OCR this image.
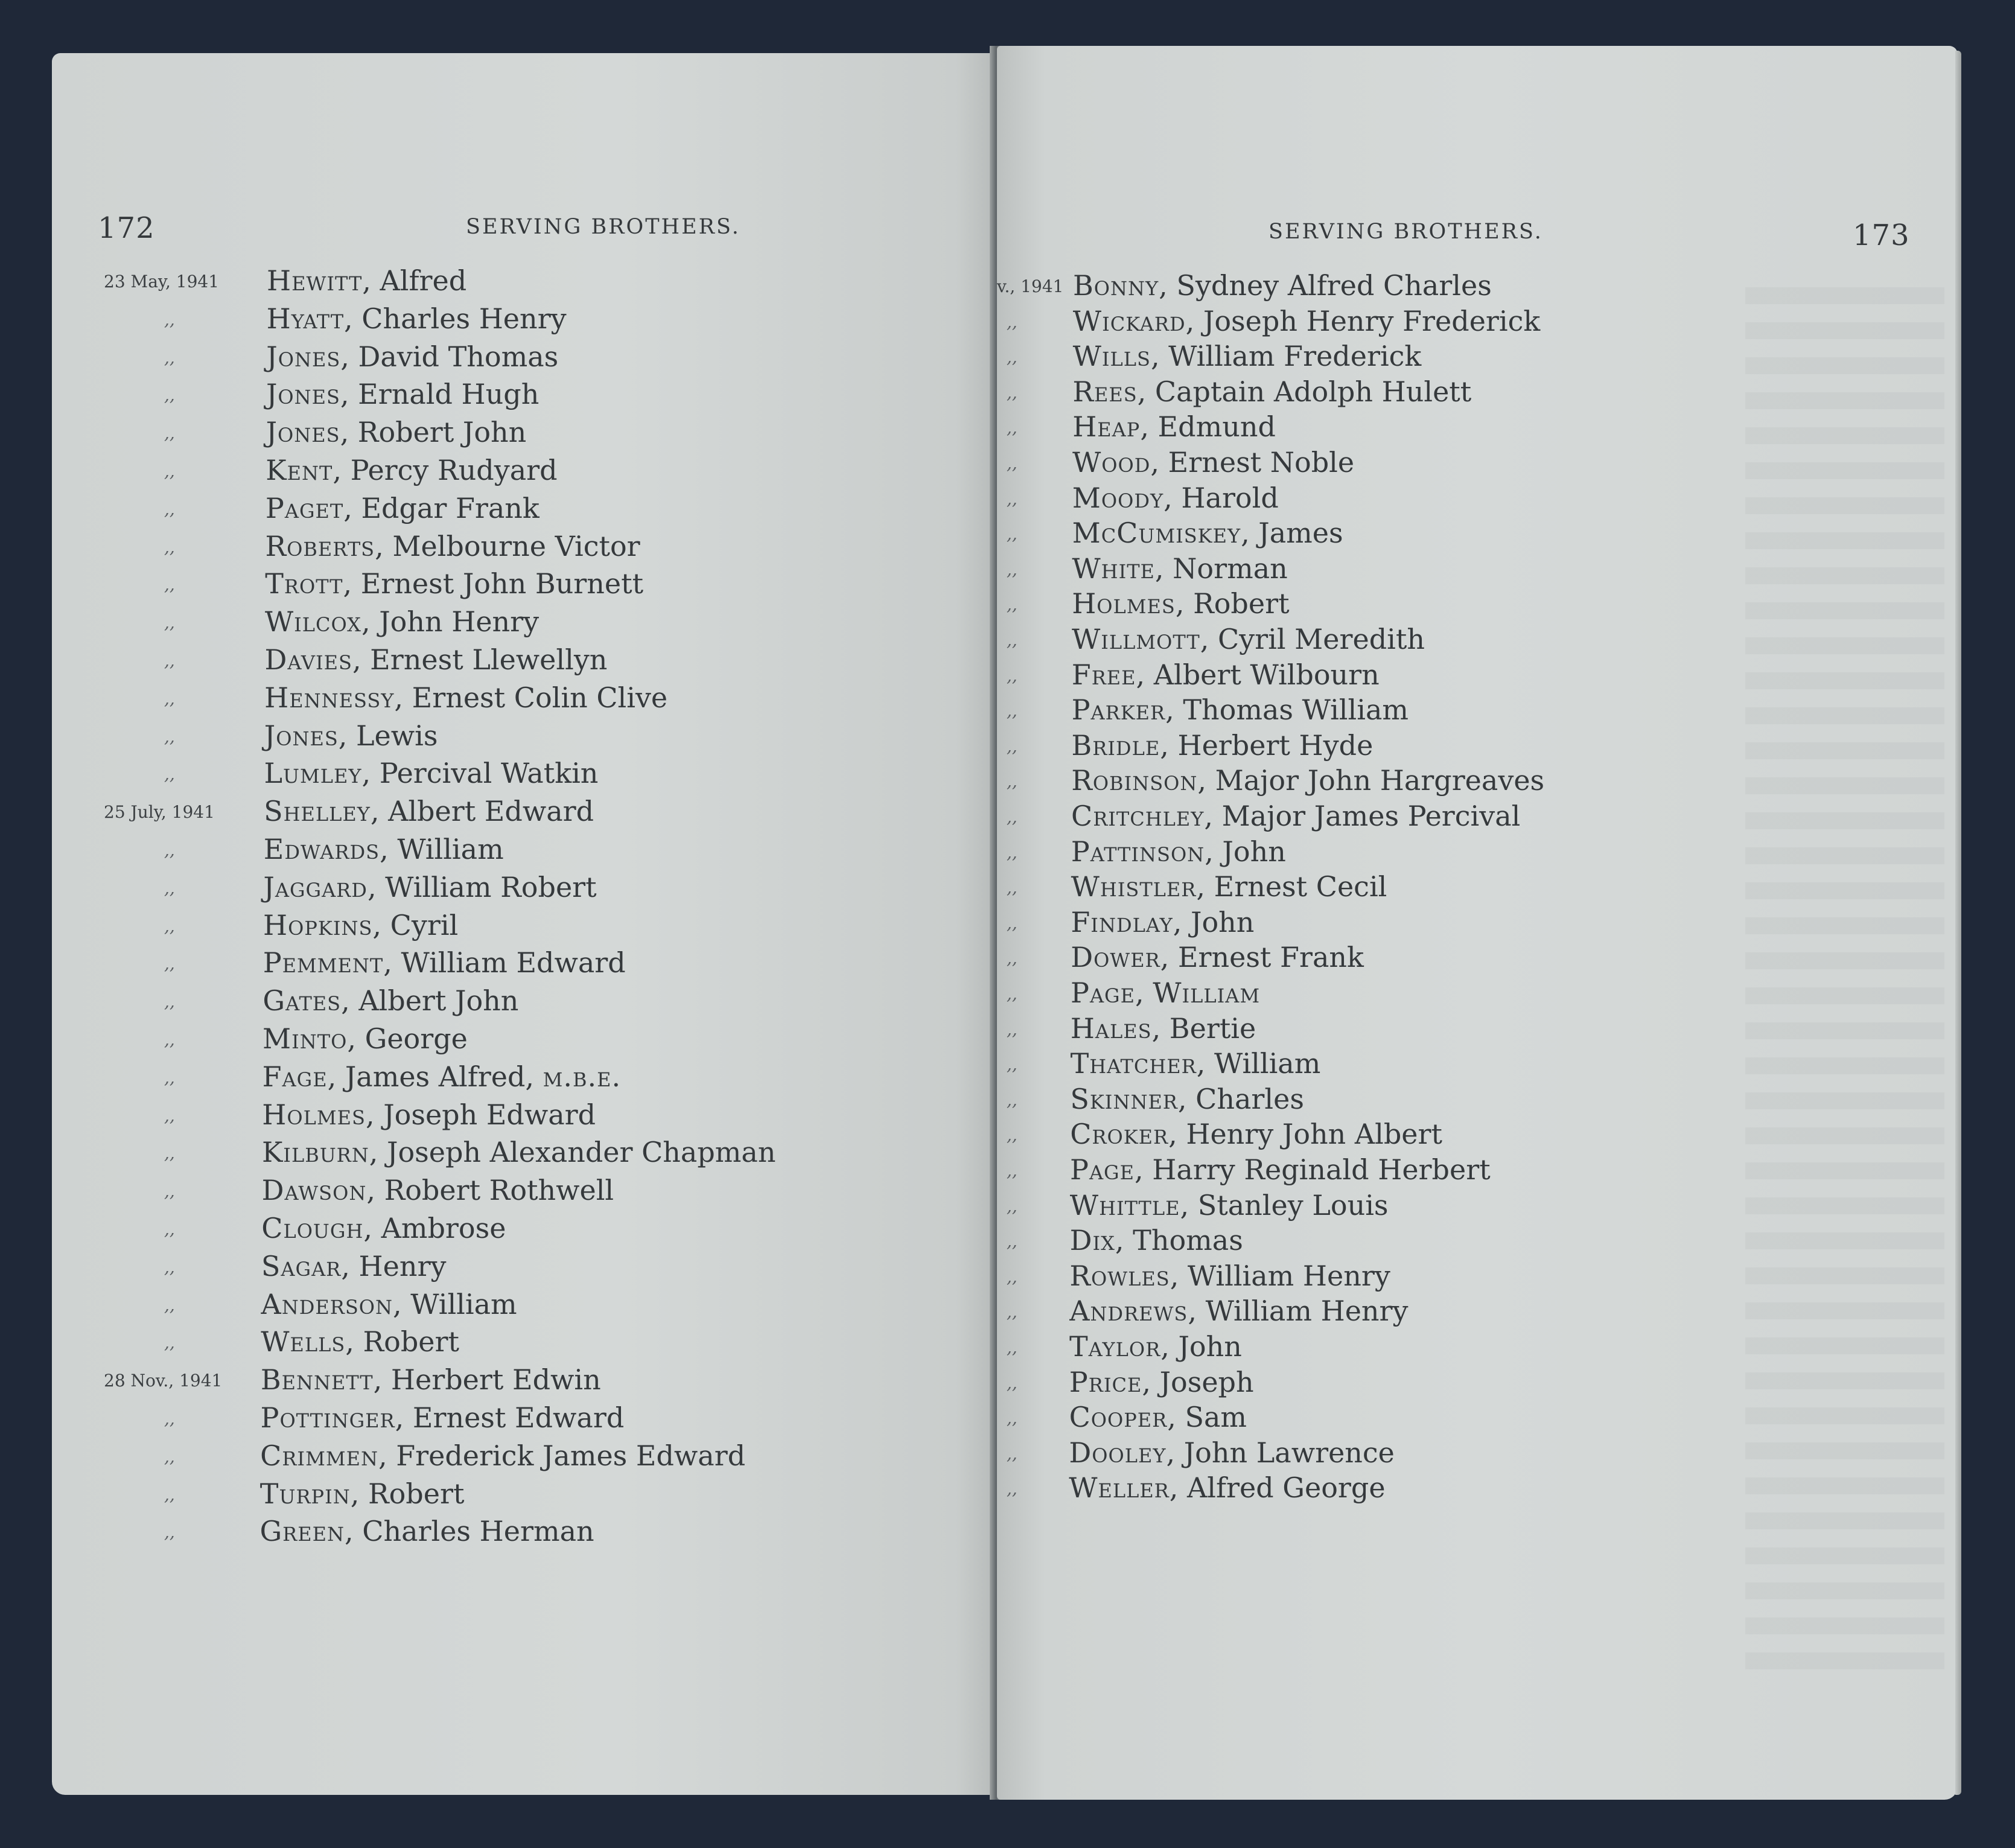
172	SERVING BROTHERS.
23 May, 1941 Hewitt, Alfred
,,	Hyatt, Charles Henry
,,	Jones, David Thomas
,,	Jones, Ernald Hugh
,,	Jones, Robert John
,,	Kent, Percy Rudyard
,,	Paget, Edgar Frank
,,	Roberts, Melbourne Victor
,,	Trott, Ernest John Burnett
,,	Wilcox, John Henry
,,	Davies, Ernest Llewellyn
,,	Hennessy, Ernest Colin Clive
,,	Jones, Lewis
,,	Lumley, Percival Watkin
25 July, 1941 Shelley, Albert Edward
,,	Edwards, William
,,	Jaggard, William Robert
,,	Hopkins, Cyril
,,	Pemment, William Edward
,,	Gates, Albert John
,,	Minto, George
,,	Fage, James Alfred, m.b.e.
,,	Holmes, Joseph Edward
,,	Kilburn, Joseph Alexander Chapman
,,	Dawson, Robert Rothwell
,,	Clough, Ambrose
,,	Sagar, Henry
,,	Anderson, William
,,	Wells, Robert
28 Nov., 1941 Bennett, Herbert Edwin
,,	Pottinger, Ernest Edward
,,	Crimmen, Frederick James Edward
,,	Turpin, Robert
,,	Green, Charles Herman
173
SERVING BROTHERS.
v., 1941 Bonny, Sydney Alfred Charles
,, Wickard, Joseph Henry Frederick
,, Wills, William Frederick
,, Rees, Captain Adolph Hulett
,, Heap, Edmund
,, Wood, Ernest Noble
,, Moody, Harold
,, McCumiskey, James
,, White, Norman
,, Holmes, Robert
,, Willmott, Cyril Meredith
,, Free, Albert Wilbourn
,, Parker, Thomas William
,, Bridle, Herbert Hyde
,, Robinson, Major John Hargreaves
,, Critchley, Major James Percival
,, Pattinson, John
,, Whistler, Ernest Cecil
,, Findlay, John
,, Dower, Ernest Frank
,, Page, William
,, Hales, Bertie
,, Thatcher, William
,, Skinner, Charles
,, Croker, Henry John Albert
,, Page, Harry Reginald Herbert
,, Whittle, Stanley Louis
,, Dix, Thomas
,, Rowles, William Henry
,, Andrews, William Henry
,, Taylor, John
,, Price, Joseph
,, Cooper, Sam
,, Dooley, John Lawrence
,, Weller, Alfred George
